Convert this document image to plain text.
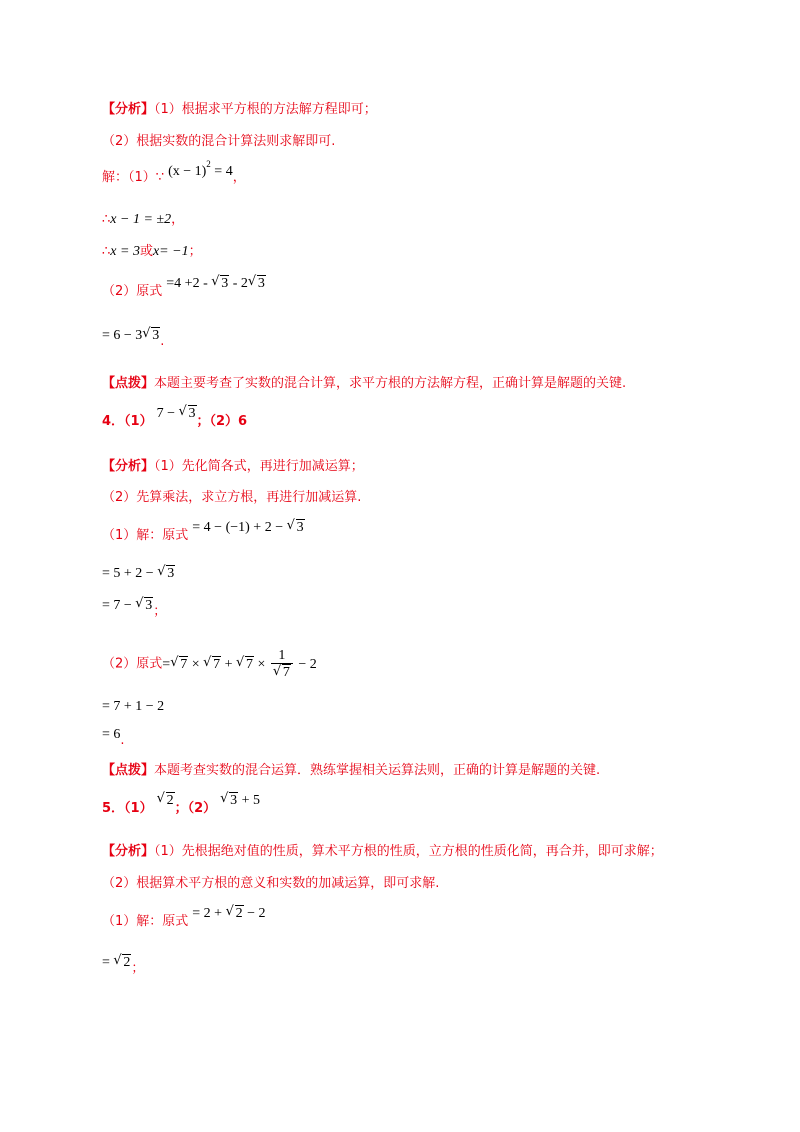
【分析】（1）根据求平方根的方法解方程即可；
（2）根据实数的混合计算法则求解即可.
解：（1）∵ $(x - 1)^2 = 4$，
∴x − 1 = ±2，
∴x = 3或x= −1；
（2）原式 =4 +2 - √ 3 - 2 √ 3
= 6 − 3 √ $3_.$
【点拨】本题主要考查了实数的混合计算，求平方根的方法解方程，正确计算是解题的关键.
4．（1） 7 − √ 3；（2）6
【分析】（1）先化简各式，再进行加减运算；
（2）先算乘法，求立方根，再进行加减运算.
（1）解：原式 = 4 − (−1) + 2 − √ 3
= 5 + 2 − √ 3
= 7 − √ $3_;$
（2）原式= √ 7 × √ 7 + √ 7 × 1
√ 7 − 2
= 7 + 1 − 2
= $6_.$
【点拨】本题考查实数的混合运算．熟练掌握相关运算法则，正确的计算是解题的关键.
5．（1） √ 2；（2） √ 3 + 5
【分析】（1）先根据绝对值的性质，算术平方根的性质，立方根的性质化简，再合并，即可求解；
（2）根据算术平方根的意义和实数的加减运算，即可求解.
（1）解：原式 = 2 + √ 2 − 2
= √ $2_;$
